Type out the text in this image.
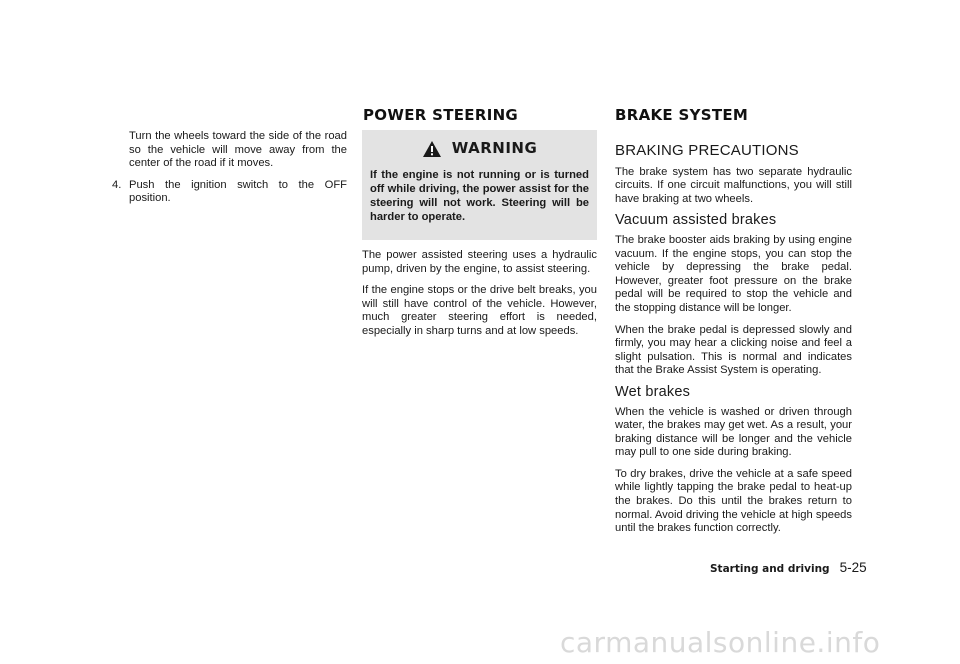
POWER STEERING	BRAKE SYSTEM

Turn the wheels toward the side of the road so the vehicle will move away from the center of the road if it moves.

4. Push the ignition switch to the OFF position.
WARNING

If the engine is not running or is turned off while driving, the power assist for the steering will not work. Steering will be harder to operate.

The power assisted steering uses a hydraulic pump, driven by the engine, to assist steering.

If the engine stops or the drive belt breaks, you will still have control of the vehicle. However, much greater steering effort is needed, especially in sharp turns and at low speeds.

BRAKING PRECAUTIONS

The brake system has two separate hydraulic circuits. If one circuit malfunctions, you will still have braking at two wheels.

Vacuum assisted brakes

The brake booster aids braking by using engine vacuum. If the engine stops, you can stop the vehicle by depressing the brake pedal. However, greater foot pressure on the brake pedal will be required to stop the vehicle and the stopping distance will be longer.

When the brake pedal is depressed slowly and firmly, you may hear a clicking noise and feel a slight pulsation. This is normal and indicates that the Brake Assist System is operating.

Wet brakes

When the vehicle is washed or driven through water, the brakes may get wet. As a result, your braking distance will be longer and the vehicle may pull to one side during braking.

To dry brakes, drive the vehicle at a safe speed while lightly tapping the brake pedal to heat-up the brakes. Do this until the brakes return to normal. Avoid driving the vehicle at high speeds until the brakes function correctly.

Starting and driving 5-25
carmanualsonline.info
